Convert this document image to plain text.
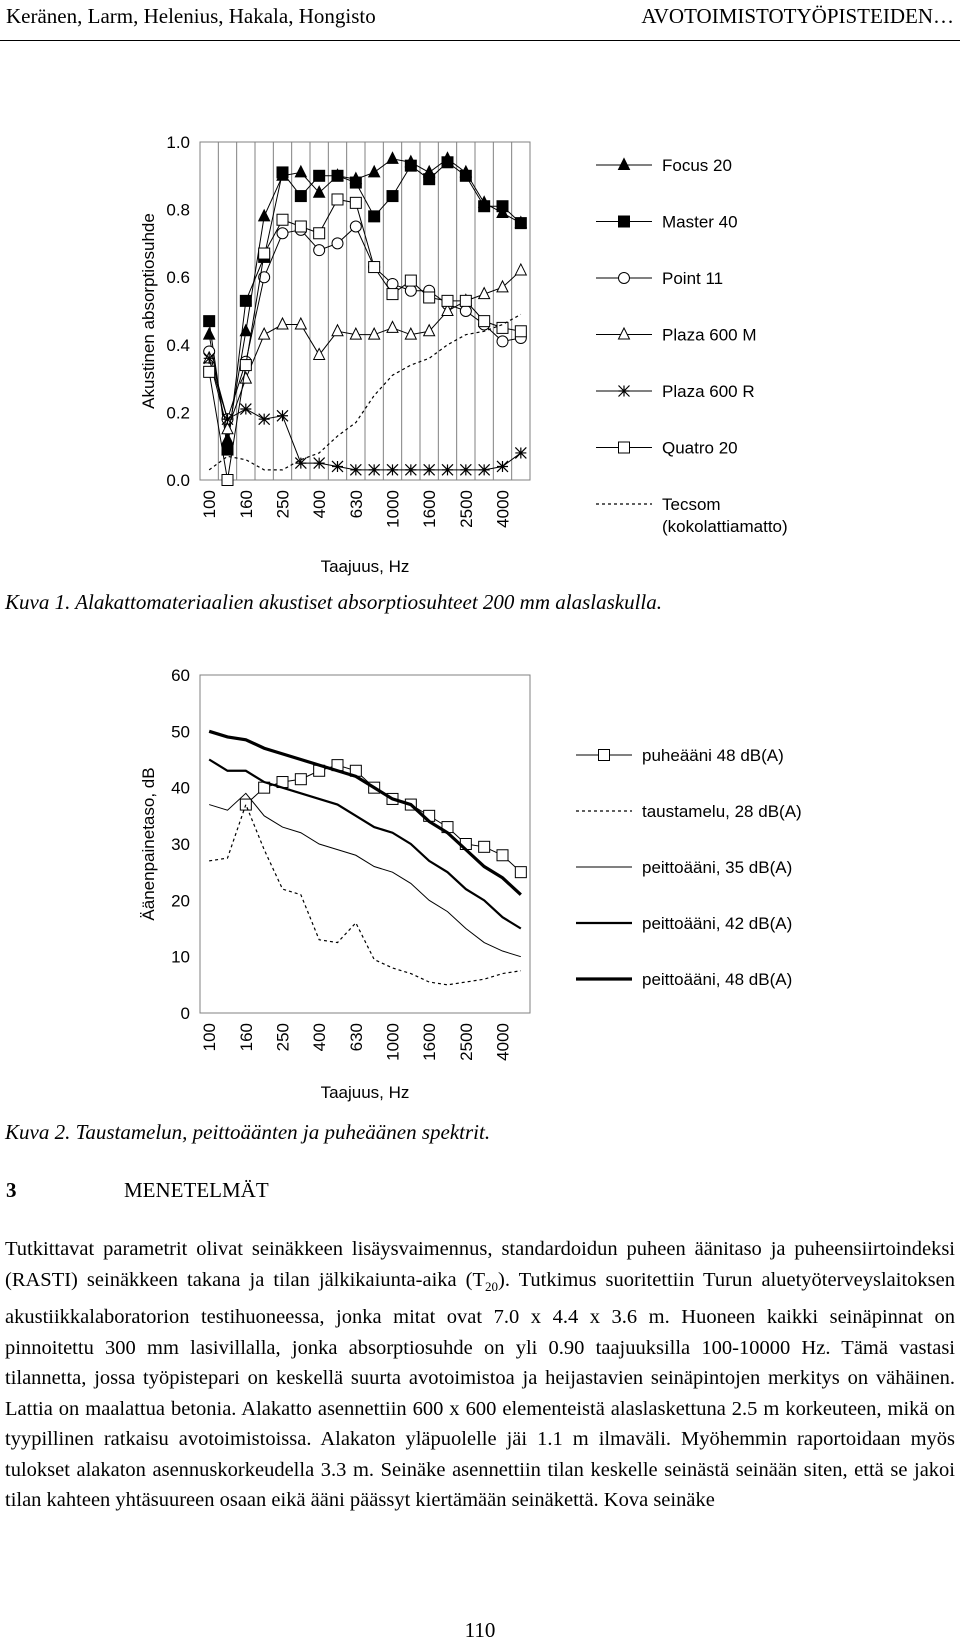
Keränen, Larm, Helenius, Hakala, Hongisto	AVOTOIMISTOTYÖPISTEIDEN…
0.0
0.2
0.4
0.6
0.8
1.0
100 160 250 400 630 1000 1600 2500 4000
Taajuus, Hz
Akustinen absorptiosuhde
Focus 20
Master 40
Point 11
Plaza 600 M
Plaza 600 R
Quatro 20
Tecsom
(kokolattiamatto)
Kuva 1. Alakattomateriaalien akustiset absorptiosuhteet 200 mm alaslaskulla.
0
10
20
30
40
50
60
100 160 250 400 630 1000 1600 2500 4000
Taajuus, Hz
Äänenpainetaso, dB
puheääni 48 dB(A)
taustamelu, 28 dB(A)
peittoääni, 35 dB(A)
peittoääni, 42 dB(A)
peittoääni, 48 dB(A)
Kuva 2. Taustamelun, peittoäänten ja puheäänen spektrit.
3	MENETELMÄT
Tutkittavat parametrit olivat seinäkkeen lisäysvaimennus, standardoidun puheen äänitaso ja puheensiirtoindeksi (RASTI) seinäkkeen takana ja tilan jälkikaiunta-aika $(T_{20})$. Tutkimus suoritettiin Turun aluetyöterveyslaitoksen akustiikkalaboratorion testihuoneessa, jonka mitat ovat 7.0 x 4.4 x 3.6 m. Huoneen kaikki seinäpinnat on pinnoitettu 300 mm lasivillalla, jonka absorptiosuhde on yli 0.90 taajuuksilla 100-10000 Hz. Tämä vastasi tilannetta, jossa työpistepari on keskellä suurta avotoimistoa ja heijastavien seinäpintojen merkitys on vähäinen. Lattia on maalattua betonia. Alakatto asennettiin 600 x 600 elementeistä alaslaskettuna 2.5 m korkeuteen, mikä on tyypillinen ratkaisu avotoimistoissa. Alakaton yläpuolelle jäi 1.1 m ilmaväli. Myöhemmin raportoidaan myös tulokset alakaton asennuskorkeudella 3.3 m. Seinäke asennettiin tilan keskelle seinästä seinään siten, että se jakoi tilan kahteen yhtäsuureen osaan eikä ääni päässyt kiertämään seinäkettä. Kova seinäke
110
